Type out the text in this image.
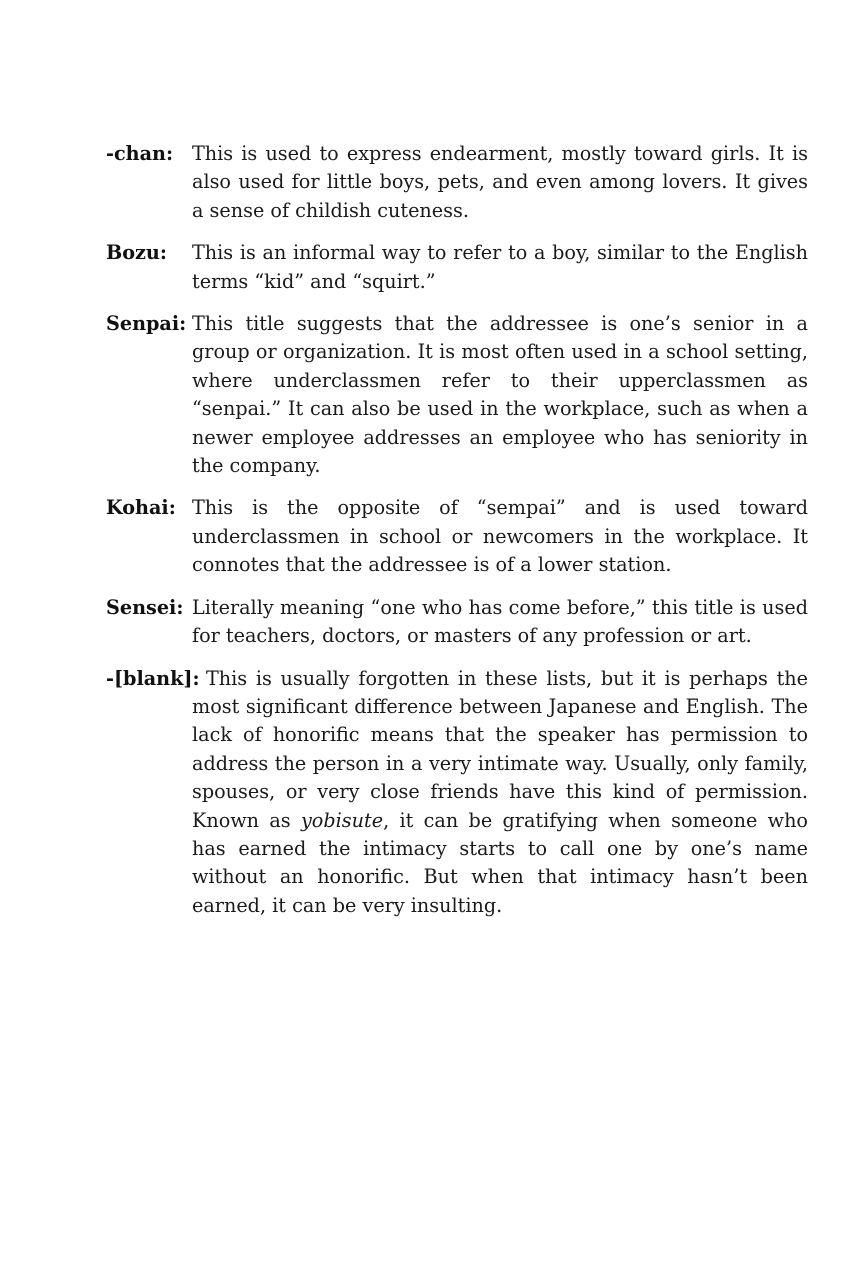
-chan: This is used to express endearment, mostly toward girls. It is also used for little boys, pets, and even among lovers. It gives a sense of childish cuteness.
Bozu: This is an informal way to refer to a boy, similar to the English terms “kid” and “squirt.”
Senpai: This title suggests that the addressee is one’s senior in a group or organization. It is most often used in a school setting, where underclassmen refer to their upperclassmen as “senpai.” It can also be used in the workplace, such as when a newer employee addresses an employee who has seniority in the company.
Kohai: This is the opposite of “sempai” and is used toward underclassmen in school or newcomers in the workplace. It connotes that the addressee is of a lower station.
Sensei: Literally meaning “one who has come before,” this title is used for teachers, doctors, or masters of any profession or art.
-[blank]: This is usually forgotten in these lists, but it is perhaps the most significant difference between Japanese and English. The lack of honorific means that the speaker has permission to address the person in a very intimate way. Usually, only family, spouses, or very close friends have this kind of permission. Known as yobisute, it can be gratifying when someone who has earned the intimacy starts to call one by one’s name without an honorific. But when that intimacy hasn’t been earned, it can be very insulting.
